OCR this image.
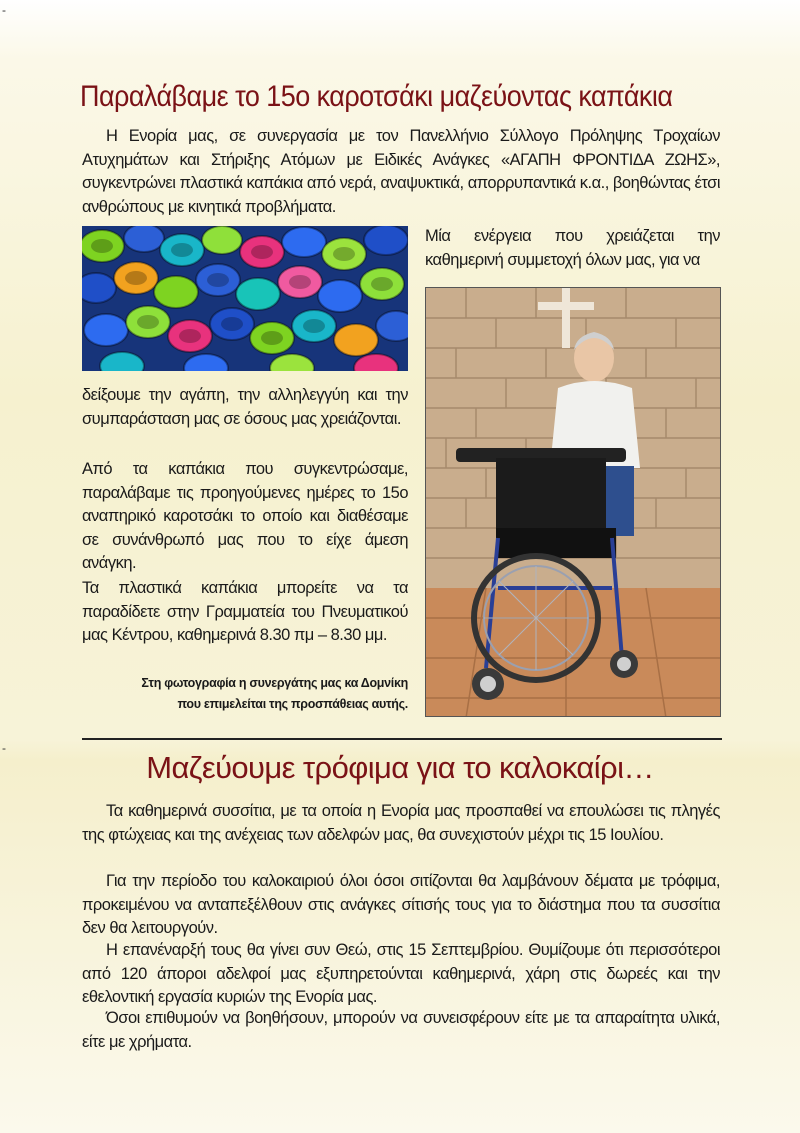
-
-
Παραλάβαμε το 15ο καροτσάκι μαζεύοντας καπάκια

Η Ενορία μας, σε συνεργασία με τον Πανελλήνιο Σύλλογο Πρόληψης Τροχαίων Ατυχημάτων και Στήριξης Ατόμων με Ειδικές Ανάγκες «ΑΓΑΠΗ ΦΡΟΝΤΙΔΑ ΖΩΗΣ», συγκεντρώνει πλαστικά καπάκια από νερά, αναψυκτικά, απορρυπαντικά κ.α., βοηθώντας έτσι ανθρώπους με κινητικά προβλήματα.

Μία ενέργεια που χρειάζεται την καθημερινή συμμετοχή όλων μας, για να

δείξουμε την αγάπη, την αλληλεγγύη και την συμπαράσταση μας σε όσους μας χρειάζονται.

Από τα καπάκια που συγκεντρώσαμε, παραλάβαμε τις προηγούμενες ημέρες το 15ο αναπηρικό καροτσάκι το οποίο και διαθέσαμε σε συνάνθρωπό μας που το είχε άμεση ανάγκη.

Τα πλαστικά καπάκια μπορείτε να τα παραδίδετε στην Γραμματεία του Πνευματικού μας Κέντρου, καθημερινά 8.30 πμ – 8.30 μμ.

Στη φωτογραφία η συνεργάτης μας κα Δομνίκη
που επιμελείται της προσπάθειας αυτής.
Μαζεύουμε τρόφιμα για το καλοκαίρι…

Τα καθημερινά συσσίτια, με τα οποία η Ενορία μας προσπαθεί να επουλώσει τις πληγές της φτώχειας και της ανέχειας των αδελφών μας, θα συνεχιστούν μέχρι τις 15 Ιουλίου.

Για την περίοδο του καλοκαιριού όλοι όσοι σιτίζονται θα λαμβάνουν δέματα με τρόφιμα, προκειμένου να ανταπεξέλθουν στις ανάγκες σίτισής τους για το διάστημα που τα συσσίτια δεν θα λειτουργούν.

Η επανέναρξή τους θα γίνει συν Θεώ, στις 15 Σεπτεμβρίου. Θυμίζουμε ότι περισσότεροι από 120 άποροι αδελφοί μας εξυπηρετούνται καθημερινά, χάρη στις δωρεές και την εθελοντική εργασία κυριών της Ενορία μας.

Όσοι επιθυμούν να βοηθήσουν, μπορούν να συνεισφέρουν είτε με τα απαραίτητα υλικά, είτε με χρήματα.
